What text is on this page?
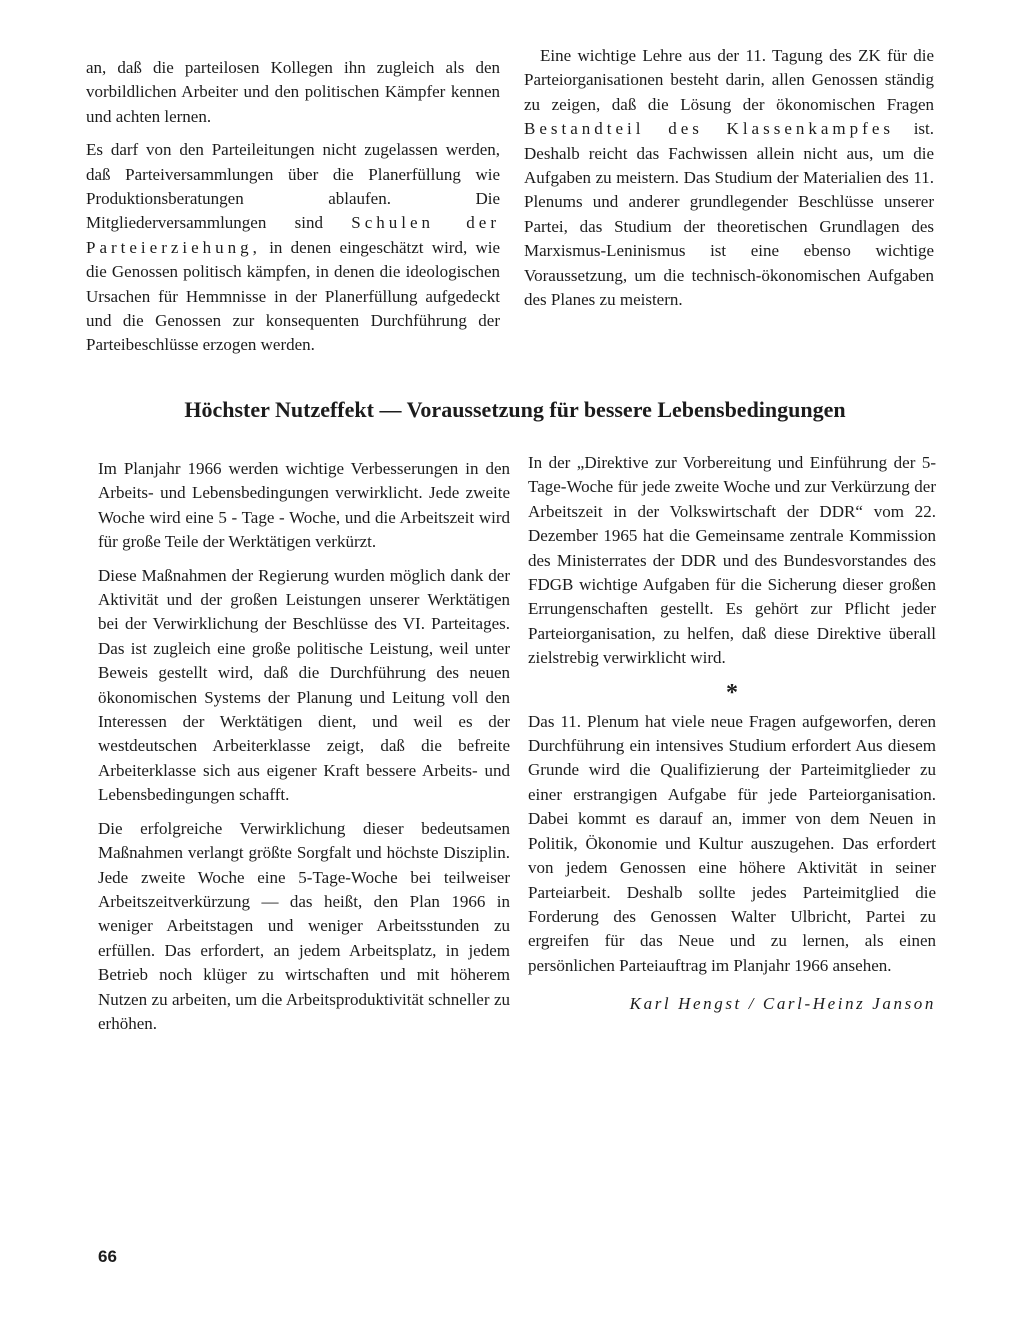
an, daß die parteilosen Kollegen ihn zugleich als den vorbildlichen Arbeiter und den politischen Kämpfer kennen und achten lernen.

Es darf von den Parteileitungen nicht zugelassen werden, daß Parteiversammlungen über die Planerfüllung wie Produktionsberatungen ablaufen. Die Mitgliederversammlungen sind Schulen der Parteierziehung, in denen eingeschätzt wird, wie die Genossen politisch kämpfen, in denen die ideologischen Ursachen für Hemmnisse in der Planerfüllung aufgedeckt und die Genossen zur konsequenten Durchführung der Parteibeschlüsse erzogen werden.

Eine wichtige Lehre aus der 11. Tagung des ZK für die Parteiorganisationen besteht darin, allen Genossen ständig zu zeigen, daß die Lösung der ökonomischen Fragen Bestandteil des Klassenkampfes ist. Deshalb reicht das Fachwissen allein nicht aus, um die Aufgaben zu meistern. Das Studium der Materialien des 11. Plenums und anderer grundlegender Beschlüsse unserer Partei, das Studium der theoretischen Grundlagen des Marxismus-Leninismus ist eine ebenso wichtige Voraussetzung, um die technisch-ökonomischen Aufgaben des Planes zu meistern.

Höchster Nutzeffekt — Voraussetzung für bessere Lebensbedingungen

Im Planjahr 1966 werden wichtige Verbesserungen in den Arbeits- und Lebensbedingungen verwirklicht. Jede zweite Woche wird eine 5 - Tage - Woche, und die Arbeitszeit wird für große Teile der Werktätigen verkürzt.

Diese Maßnahmen der Regierung wurden möglich dank der Aktivität und der großen Leistungen unserer Werktätigen bei der Verwirklichung der Beschlüsse des VI. Parteitages. Das ist zugleich eine große politische Leistung, weil unter Beweis gestellt wird, daß die Durchführung des neuen ökonomischen Systems der Planung und Leitung voll den Interessen der Werktätigen dient, und weil es der westdeutschen Arbeiterklasse zeigt, daß die befreite Arbeiterklasse sich aus eigener Kraft bessere Arbeits- und Lebensbedingungen schafft.

Die erfolgreiche Verwirklichung dieser bedeutsamen Maßnahmen verlangt größte Sorgfalt und höchste Disziplin. Jede zweite Woche eine 5-Tage-Woche bei teilweiser Arbeitszeitverkürzung — das heißt, den Plan 1966 in weniger Arbeitstagen und weniger Arbeitsstunden zu erfüllen. Das erfordert, an jedem Arbeitsplatz, in jedem Betrieb noch klüger zu wirtschaften und mit höherem Nutzen zu arbeiten, um die Arbeitsproduktivität schneller zu erhöhen.

In der „Direktive zur Vorbereitung und Einführung der 5-Tage-Woche für jede zweite Woche und zur Verkürzung der Arbeitszeit in der Volkswirtschaft der DDR“ vom 22. Dezember 1965 hat die Gemeinsame zentrale Kommission des Ministerrates der DDR und des Bundesvorstandes des FDGB wichtige Aufgaben für die Sicherung dieser großen Errungenschaften gestellt. Es gehört zur Pflicht jeder Parteiorganisation, zu helfen, daß diese Direktive überall zielstrebig verwirklicht wird.

*

Das 11. Plenum hat viele neue Fragen aufgeworfen, deren Durchführung ein intensives Studium erfordert Aus diesem Grunde wird die Qualifizierung der Parteimitglieder zu einer erstrangigen Aufgabe für jede Parteiorganisation. Dabei kommt es darauf an, immer von dem Neuen in Politik, Ökonomie und Kultur auszugehen. Das erfordert von jedem Genossen eine höhere Aktivität in seiner Parteiarbeit. Deshalb sollte jedes Parteimitglied die Forderung des Genossen Walter Ulbricht, Partei zu ergreifen für das Neue und zu lernen, als einen persönlichen Parteiauftrag im Planjahr 1966 ansehen.

Karl Hengst / Carl-Heinz Janson
66
